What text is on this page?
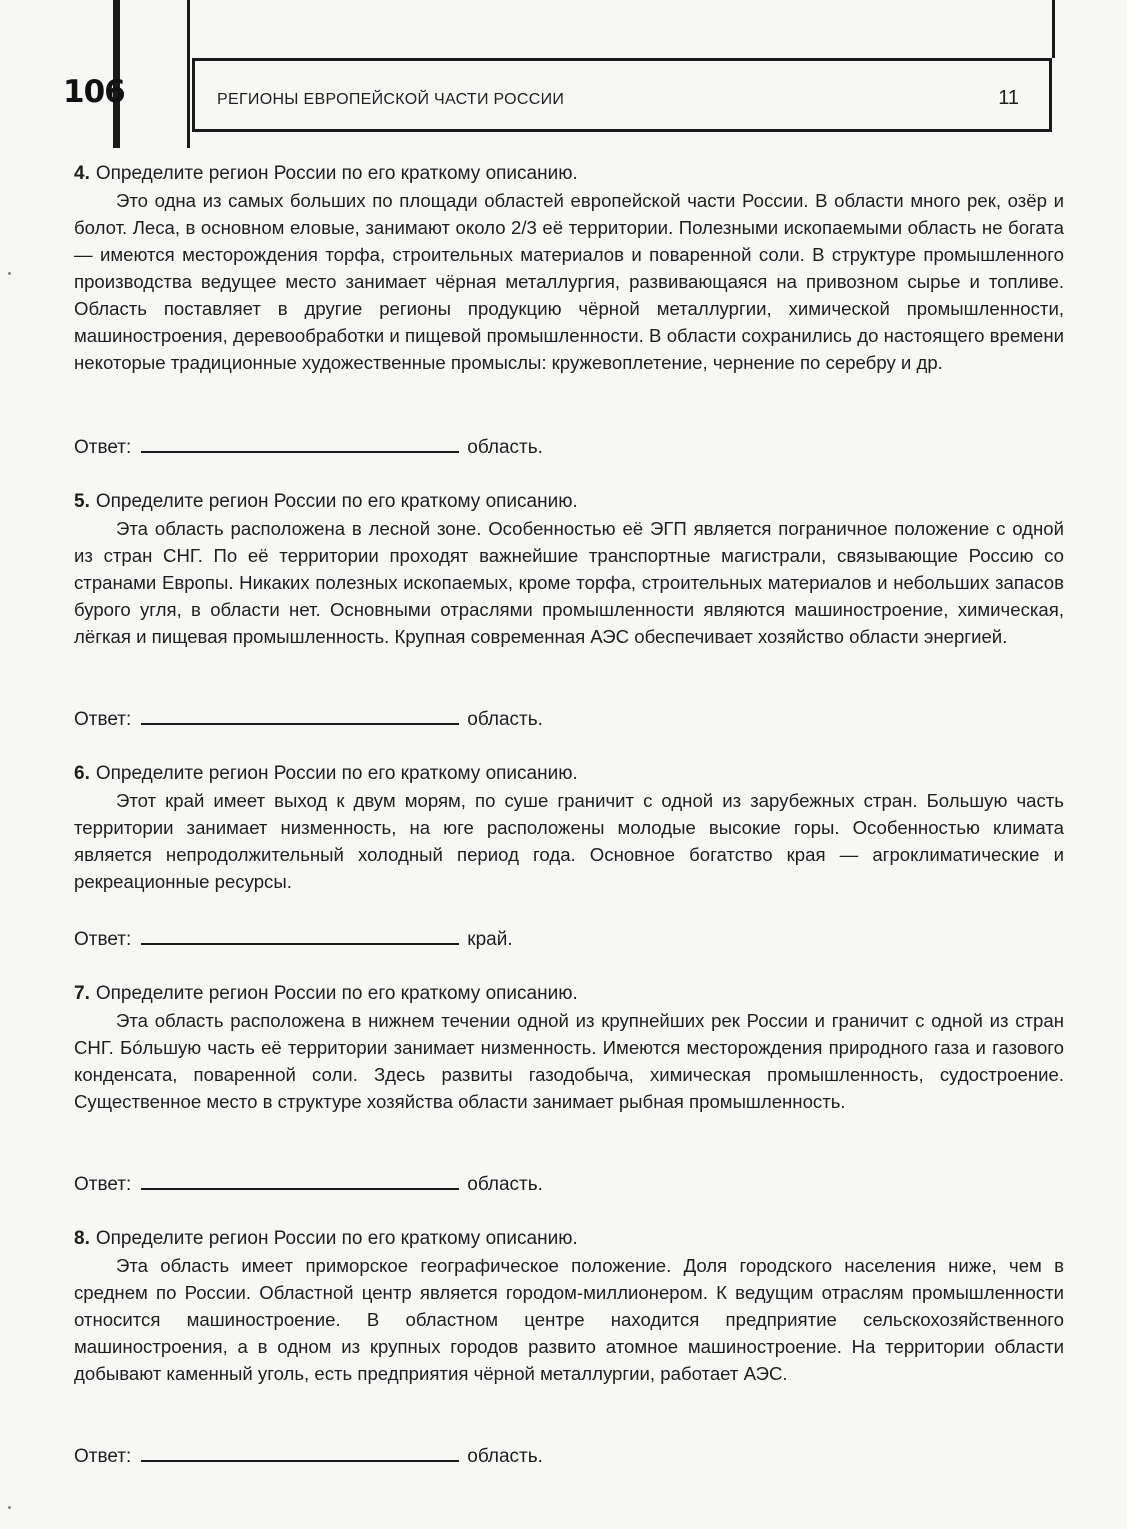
106	РЕГИОНЫ ЕВРОПЕЙСКОЙ ЧАСТИ РОССИИ	11

4. Определите регион России по его краткому описанию.

Это одна из самых больших по площади областей европейской части России. В области много рек, озёр и болот. Леса, в основном еловые, занимают около 2/3 её территории. Полезными ископаемыми область не богата — имеются месторождения торфа, строительных материалов и поваренной соли. В структуре промышленного производства ведущее место занимает чёрная металлургия, развивающаяся на привозном сырье и топливе. Область поставляет в другие регионы продукцию чёрной металлургии, химической промышленности, машиностроения, деревообработки и пищевой промышленности. В области сохранились до настоящего времени некоторые традиционные художественные промыслы: кружевоплетение, чернение по серебру и др.

Ответ:	область.

5. Определите регион России по его краткому описанию.

Эта область расположена в лесной зоне. Особенностью её ЭГП является пограничное положение с одной из стран СНГ. По её территории проходят важнейшие транспортные магистрали, связывающие Россию со странами Европы. Никаких полезных ископаемых, кроме торфа, строительных материалов и небольших запасов бурого угля, в области нет. Основными отраслями промышленности являются машиностроение, химическая, лёгкая и пищевая промышленность. Крупная современная АЭС обеспечивает хозяйство области энергией.

Ответ:	область.

6. Определите регион России по его краткому описанию.

Этот край имеет выход к двум морям, по суше граничит с одной из зарубежных стран. Большую часть территории занимает низменность, на юге расположены молодые высокие горы. Особенностью климата является непродолжительный холодный период года. Основное богатство края — агроклиматические и рекреационные ресурсы.

Ответ:	край.

7. Определите регион России по его краткому описанию.

Эта область расположена в нижнем течении одной из крупнейших рек России и граничит с одной из стран СНГ. Бóльшую часть её территории занимает низменность. Имеются месторождения природного газа и газового конденсата, поваренной соли. Здесь развиты газодобыча, химическая промышленность, судостроение. Существенное место в структуре хозяйства области занимает рыбная промышленность.

Ответ:	область.

8. Определите регион России по его краткому описанию.

Эта область имеет приморское географическое положение. Доля городского населения ниже, чем в среднем по России. Областной центр является городом-миллионером. К ведущим отраслям промышленности относится машиностроение. В областном центре находится предприятие сельскохозяйственного машиностроения, а в одном из крупных городов развито атомное машиностроение. На территории области добывают каменный уголь, есть предприятия чёрной металлургии, работает АЭС.

Ответ:	область.
